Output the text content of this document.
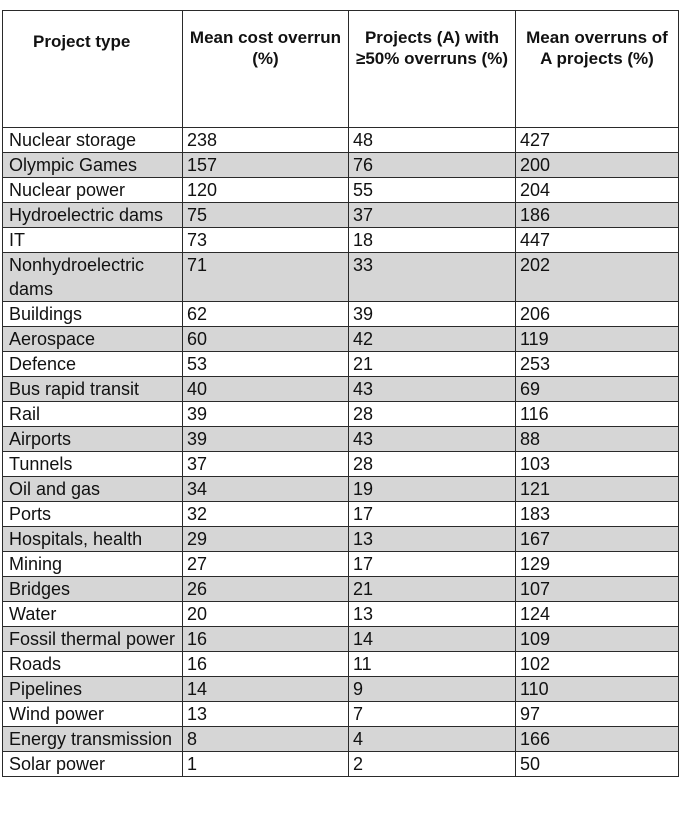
Project type	Mean cost overrun (%)	Projects (A) with ≥50% overruns (%)	Mean overruns of A projects (%)
Nuclear storage	238	48	427
Olympic Games	157	76	200
Nuclear power	120	55	204
Hydroelectric dams	75	37	186
IT	73	18	447
Nonhydroelectric dams	71	33	202
Buildings	62	39	206
Aerospace	60	42	119
Defence	53	21	253
Bus rapid transit	40	43	69
Rail	39	28	116
Airports	39	43	88
Tunnels	37	28	103
Oil and gas	34	19	121
Ports	32	17	183
Hospitals, health	29	13	167
Mining	27	17	129
Bridges	26	21	107
Water	20	13	124
Fossil thermal power	16	14	109
Roads	16	11	102
Pipelines	14	9	110
Wind power	13	7	97
Energy transmission	8	4	166
Solar power	1	2	50
